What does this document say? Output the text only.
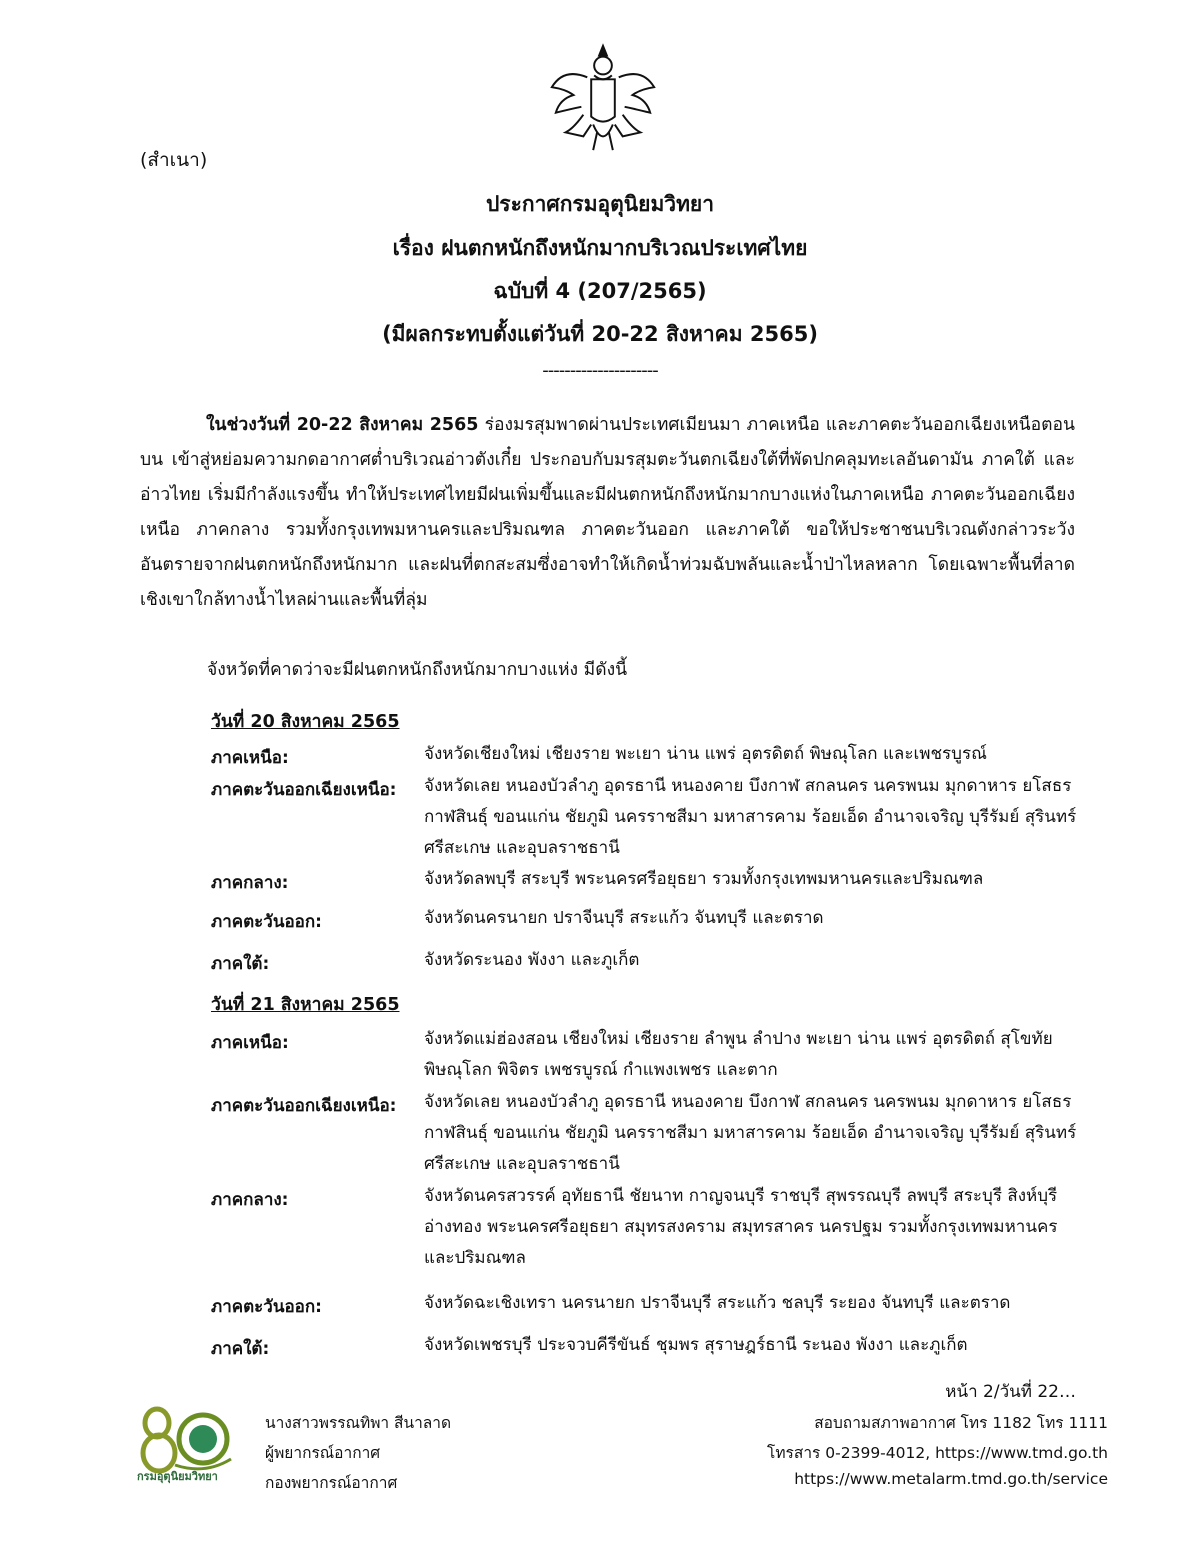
(สำเนา)
ประกาศกรมอุตุนิยมวิทยา
เรื่อง ฝนตกหนักถึงหนักมากบริเวณประเทศไทย
ฉบับที่ 4 (207/2565)
(มีผลกระทบตั้งแต่วันที่ 20-22 สิงหาคม 2565)
---------------------
ในช่วงวันที่ 20-22 สิงหาคม 2565 ร่องมรสุมพาดผ่านประเทศเมียนมา ภาคเหนือ และภาคตะวันออกเฉียงเหนือตอนบน เข้าสู่หย่อมความกดอากาศต่ำบริเวณอ่าวตังเกี๋ย ประกอบกับมรสุมตะวันตกเฉียงใต้ที่พัดปกคลุมทะเลอันดามัน ภาคใต้ และอ่าวไทย เริ่มมีกำลังแรงขึ้น ทำให้ประเทศไทยมีฝนเพิ่มขึ้นและมีฝนตกหนักถึงหนักมากบางแห่งในภาคเหนือ ภาคตะวันออกเฉียงเหนือ ภาคกลาง รวมทั้งกรุงเทพมหานครและปริมณฑล ภาคตะวันออก และภาคใต้ ขอให้ประชาชนบริเวณดังกล่าวระวังอันตรายจากฝนตกหนักถึงหนักมาก และฝนที่ตกสะสมซึ่งอาจทำให้เกิดน้ำท่วมฉับพลันและน้ำป่าไหลหลาก โดยเฉพาะพื้นที่ลาดเชิงเขาใกล้ทางน้ำไหลผ่านและพื้นที่ลุ่ม
จังหวัดที่คาดว่าจะมีฝนตกหนักถึงหนักมากบางแห่ง มีดังนี้
วันที่ 20 สิงหาคม 2565
ภาคเหนือ:	จังหวัดเชียงใหม่ เชียงราย พะเยา น่าน แพร่ อุตรดิตถ์ พิษณุโลก และเพชรบูรณ์
ภาคตะวันออกเฉียงเหนือ: จังหวัดเลย หนองบัวลำภู อุดรธานี หนองคาย บึงกาฬ สกลนคร นครพนม มุกดาหาร ยโสธร กาฬสินธุ์ ขอนแก่น ชัยภูมิ นครราชสีมา มหาสารคาม ร้อยเอ็ด อำนาจเจริญ บุรีรัมย์ สุรินทร์ ศรีสะเกษ และอุบลราชธานี
ภาคกลาง:	จังหวัดลพบุรี สระบุรี พระนครศรีอยุธยา รวมทั้งกรุงเทพมหานครและปริมณฑล
ภาคตะวันออก:	จังหวัดนครนายก ปราจีนบุรี สระแก้ว จันทบุรี และตราด
ภาคใต้:	จังหวัดระนอง พังงา และภูเก็ต
วันที่ 21 สิงหาคม 2565
ภาคเหนือ:	จังหวัดแม่ฮ่องสอน เชียงใหม่ เชียงราย ลำพูน ลำปาง พะเยา น่าน แพร่ อุตรดิตถ์ สุโขทัย พิษณุโลก พิจิตร เพชรบูรณ์ กำแพงเพชร และตาก
ภาคตะวันออกเฉียงเหนือ: จังหวัดเลย หนองบัวลำภู อุดรธานี หนองคาย บึงกาฬ สกลนคร นครพนม มุกดาหาร ยโสธร กาฬสินธุ์ ขอนแก่น ชัยภูมิ นครราชสีมา มหาสารคาม ร้อยเอ็ด อำนาจเจริญ บุรีรัมย์ สุรินทร์ ศรีสะเกษ และอุบลราชธานี
ภาคกลาง:	จังหวัดนครสวรรค์ อุทัยธานี ชัยนาท กาญจนบุรี ราชบุรี สุพรรณบุรี ลพบุรี สระบุรี สิงห์บุรี อ่างทอง พระนครศรีอยุธยา สมุทรสงคราม สมุทรสาคร นครปฐม รวมทั้งกรุงเทพมหานคร และปริมณฑล
ภาคตะวันออก:	จังหวัดฉะเชิงเทรา นครนายก ปราจีนบุรี สระแก้ว ชลบุรี ระยอง จันทบุรี และตราด
ภาคใต้:	จังหวัดเพชรบุรี ประจวบคีรีขันธ์ ชุมพร สุราษฎร์ธานี ระนอง พังงา และภูเก็ต
หน้า 2/วันที่ 22…
กรมอุตุนิยมวิทยา
นางสาวพรรณทิพา สีนาลาด
ผู้พยากรณ์อากาศ
กองพยากรณ์อากาศ
สอบถามสภาพอากาศ โทร 1182 โทร 1111
โทรสาร 0-2399-4012, https://www.tmd.go.th
https://www.metalarm.tmd.go.th/service
